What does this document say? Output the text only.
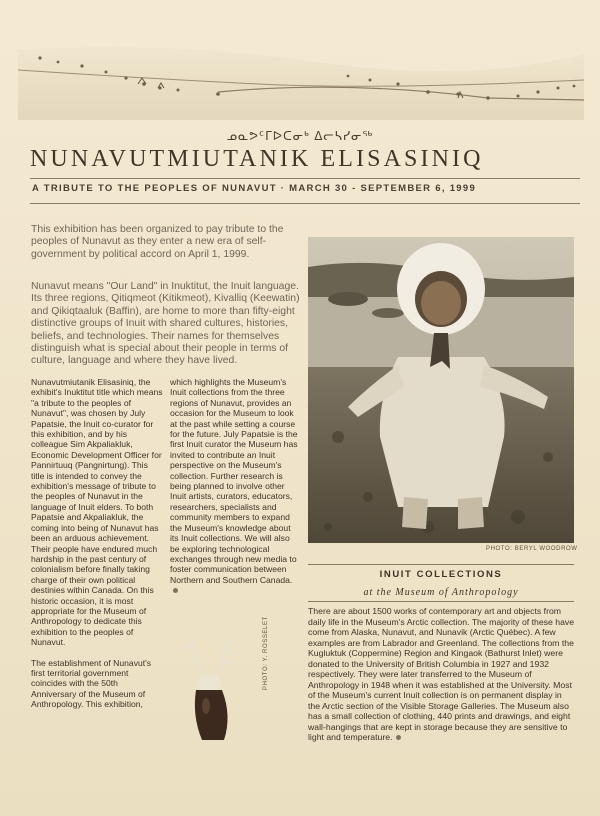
ᓄᓇᕗᑦᒥᐅᑕᓂᒃ ᐃᓕᓴᓯᓂᖅ
NUNAVUTMIUTANIK ELISASINIQ
A TRIBUTE TO THE PEOPLES OF NUNAVUT · MARCH 30 - SEPTEMBER 6, 1999
This exhibition has been organized to pay tribute to the peoples of Nunavut as they enter a new era of self-government by political accord on April 1, 1999.
Nunavut means "Our Land" in Inuktitut, the Inuit language. Its three regions, Qitiqmeot (Kitikmeot), Kivalliq (Keewatin) and Qikiqtaaluk (Baffin), are home to more than fifty-eight distinctive groups of Inuit with shared cultures, histories, beliefs, and technologies. Their names for themselves distinguish what is special about their people in terms of culture, language and where they have lived.

Nunavutmiutanik Elisasiniq, the exhibit's Inuktitut title which means "a tribute to the peoples of Nunavut", was chosen by July Papatsie, the Inuit co-curator for this exhibition, and by his colleague Sim Akpaliakluk, Economic Development Officer for Pannirtuuq (Pangnirtung). This title is intended to convey the exhibition's message of tribute to the peoples of Nunavut in the language of Inuit elders. To both Papatsie and Akpaliakluk, the coming into being of Nunavut has been an arduous achievement. Their people have endured much hardship in the past century of colonialism before finally taking charge of their own political destinies within Canada. On this historic occasion, it is most appropriate for the Museum of Anthropology to dedicate this exhibition to the peoples of Nunavut.

The establishment of Nunavut's first territorial government coincides with the 50th Anniversary of the Museum of Anthropology. This exhibition,

which highlights the Museum's Inuit collections from the three regions of Nunavut, provides an occasion for the Museum to look at the past while setting a course for the future. July Papatsie is the first Inuit curator the Museum has invited to contribute an Inuit perspective on the Museum's collection. Further research is being planned to involve other Inuit artists, curators, educators, researchers, specialists and community members to expand the Museum's knowledge about its Inuit collections. We will also be exploring technological exchanges through new media to foster communication between Northern and Southern Canada.

PHOTO: BERYL WOODROW
INUIT COLLECTIONS
at the Museum of Anthropology
There are about 1500 works of contemporary art and objects from daily life in the Museum's Arctic collection. The majority of these have come from Alaska, Nunavut, and Nunavik (Arctic Québec). A few examples are from Labrador and Greenland. The collections from the Kugluktuk (Coppermine) Region and Kingaok (Bathurst Inlet) were donated to the University of British Columbia in 1927 and 1932 respectively. They were later transferred to the Museum of Anthropology in 1948 when it was established at the University. Most of the Museum's current Inuit collection is on permanent display in the Arctic section of the Visible Storage Galleries. The Museum also has a small collection of clothing, 440 prints and drawings, and eight wall-hangings that are kept in storage because they are sensitive to light and temperature.
PHOTO: Y. ROSSELET
